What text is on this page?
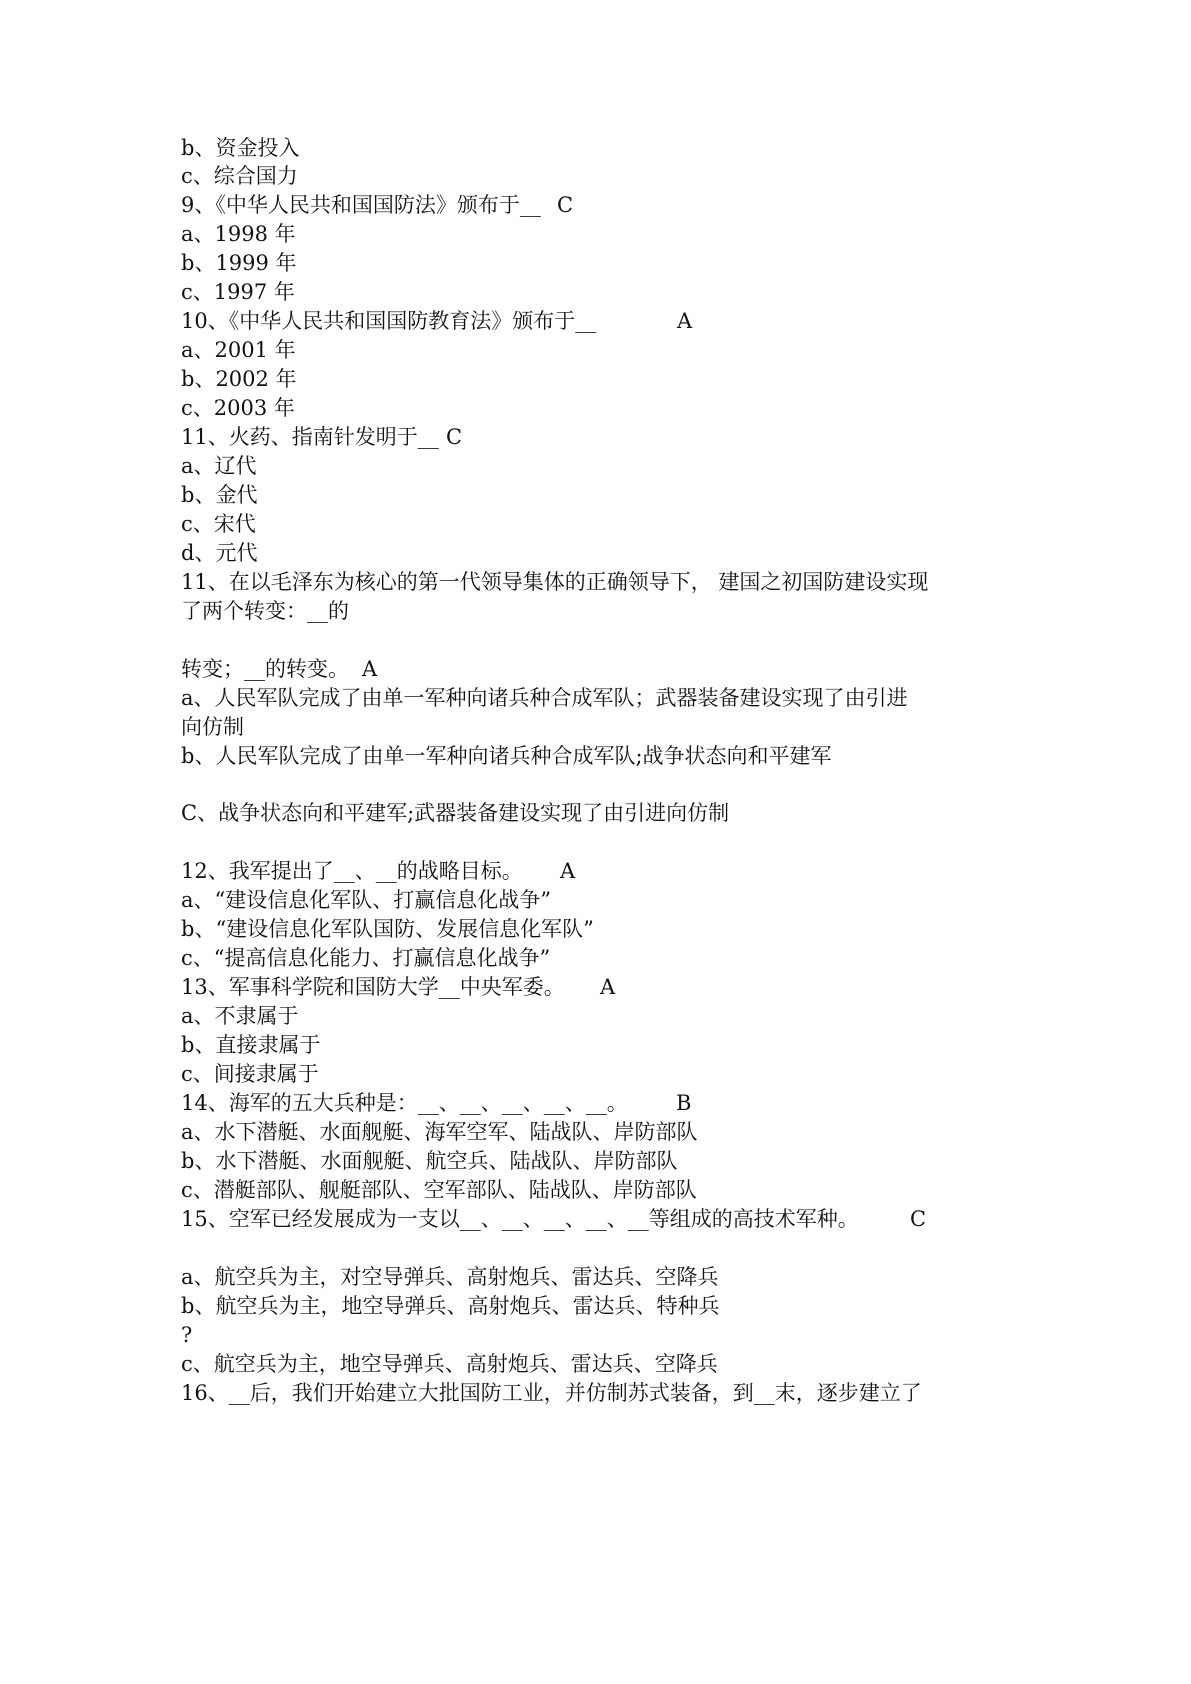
b、资金投入
c、综合国力
9、《中华人民共和国国防法》颁布于__ C
a、1998 年
b、1999 年
c、1997 年
10、《中华人民共和国国防教育法》颁布于__	A
a、2001 年
b、2002 年
c、2003 年
11、火药、指南针发明于__ C
a、辽代
b、金代
c、宋代
d、元代
11、在以毛泽东为核心的第一代领导集体的正确领导下， 建国之初国防建设实现
了两个转变：__的
转变；__的转变。 A
a、人民军队完成了由单一军种向诸兵种合成军队；武器装备建设实现了由引进
向仿制
b、人民军队完成了由单一军种向诸兵种合成军队;战争状态向和平建军
C、战争状态向和平建军;武器装备建设实现了由引进向仿制
12、我军提出了__、__的战略目标。 A
a、“建设信息化军队、打赢信息化战争”
b、“建设信息化军队国防、发展信息化军队”
c、“提高信息化能力、打赢信息化战争”
13、军事科学院和国防大学__中央军委。 A
a、不隶属于
b、直接隶属于
c、间接隶属于
14、海军的五大兵种是：__、__、__、__、__。 B
a、水下潜艇、水面舰艇、海军空军、陆战队、岸防部队
b、水下潜艇、水面舰艇、航空兵、陆战队、岸防部队
c、潜艇部队、舰艇部队、空军部队、陆战队、岸防部队
15、空军已经发展成为一支以__、__、__、__、__等组成的高技术军种。 C
a、航空兵为主，对空导弹兵、高射炮兵、雷达兵、空降兵
b、航空兵为主，地空导弹兵、高射炮兵、雷达兵、特种兵
?
c、航空兵为主，地空导弹兵、高射炮兵、雷达兵、空降兵
16、__后，我们开始建立大批国防工业，并仿制苏式装备，到__末，逐步建立了
